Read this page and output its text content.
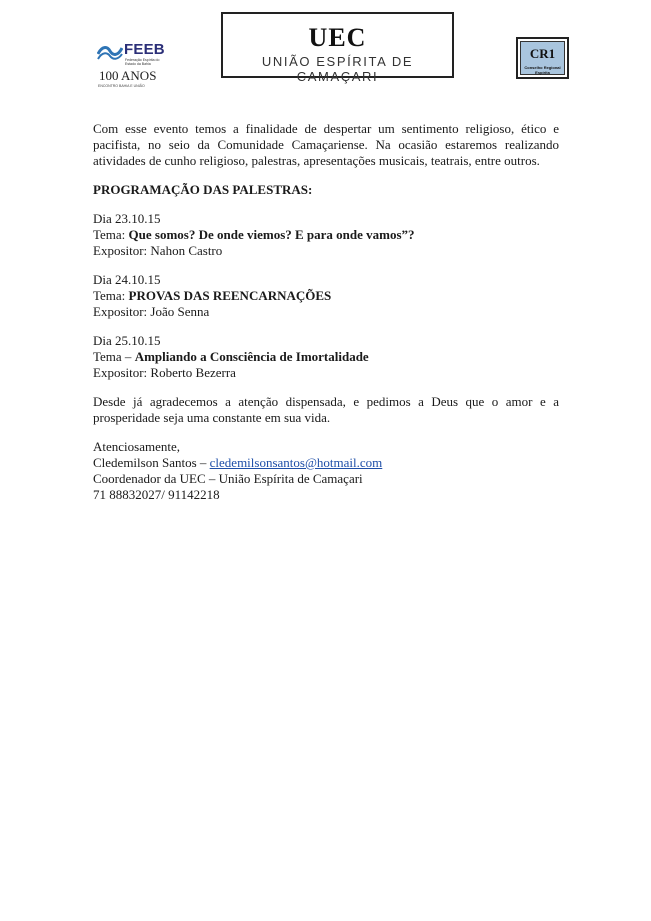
FEEB
Federação Espírita do Estado da Bahia
100 ANOS
ENCONTRO BAHIA E UNIÃO
UEC
UNIÃO ESPÍRITA DE CAMAÇARI
CR1
Conselho Regional Espírita

Com esse evento temos a finalidade de despertar um sentimento religioso, ético e pacifista, no seio da Comunidade Camaçariense. Na ocasião estaremos realizando atividades de cunho religioso, palestras, apresentações musicais, teatrais, entre outros.

PROGRAMAÇÃO DAS PALESTRAS:

Dia 23.10.15
Tema: Que somos? De onde viemos? E para onde vamos”?
Expositor: Nahon Castro
Dia 24.10.15
Tema: PROVAS DAS REENCARNAÇÕES
Expositor: João Senna
Dia 25.10.15
Tema – Ampliando a Consciência de Imortalidade
Expositor: Roberto Bezerra

Desde já agradecemos a atenção dispensada, e pedimos a Deus que o amor e a prosperidade seja uma constante em sua vida.

Atenciosamente,
Cledemilson Santos – cledemilsonsantos@hotmail.com
Coordenador da UEC – União Espírita de Camaçari
71 88832027/ 91142218
